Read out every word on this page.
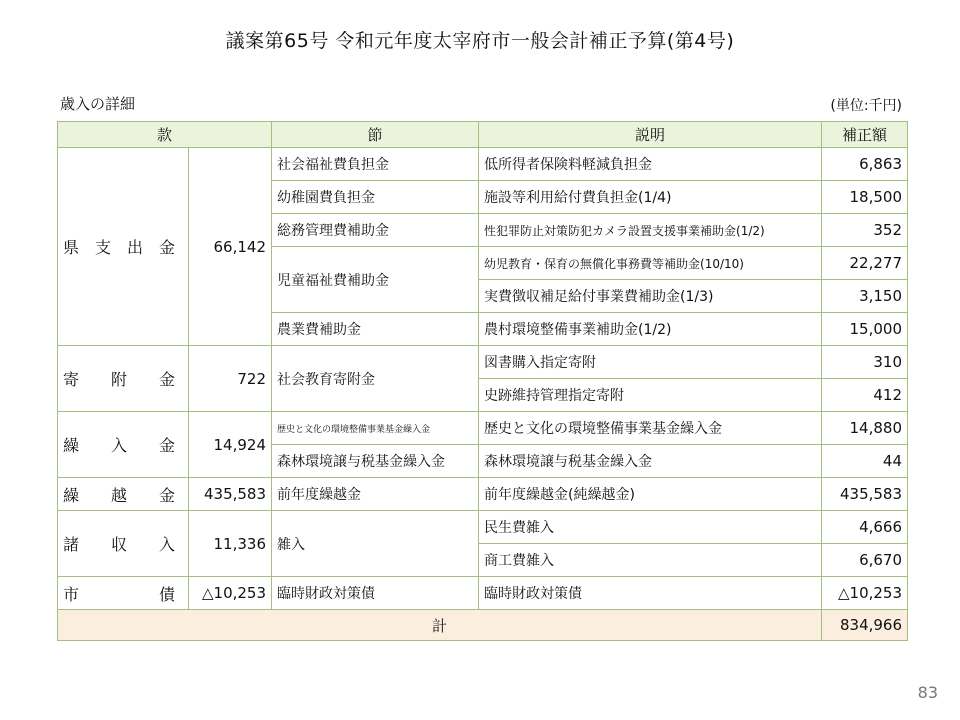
議案第65号 令和元年度太宰府市一般会計補正予算(第4号)
歳入の詳細	(単位:千円)
款		節	説明	補正額

県 支 出 金	66,142	社会福祉費負担金	低所得者保険料軽減負担金	6,863
		幼稚園費負担金	施設等利用給付費負担金(1/4)	18,500
		総務管理費補助金	性犯罪防止対策防犯カメラ設置支援事業補助金(1/2)	352
		児童福祉費補助金	幼児教育・保育の無償化事務費等補助金(10/10)	22,277
			実費徴収補足給付事業費補助金(1/3)	3,150
		農業費補助金	農村環境整備事業補助金(1/2)	15,000

寄 附 金	722	社会教育寄附金	図書購入指定寄附	310
			史跡維持管理指定寄附	412

繰 入 金	14,924	歴史と文化の環境整備事業基金繰入金	歴史と文化の環境整備事業基金繰入金	14,880
		森林環境譲与税基金繰入金	森林環境譲与税基金繰入金	44

繰 越 金	435,583	前年度繰越金	前年度繰越金(純繰越金)	435,583

諸 収 入	11,336	雑入	民生費雑入	4,666
			商工費雑入	6,670

市 債	△10,253	臨時財政対策債	臨時財政対策債	△10,253
計				834,966
83
